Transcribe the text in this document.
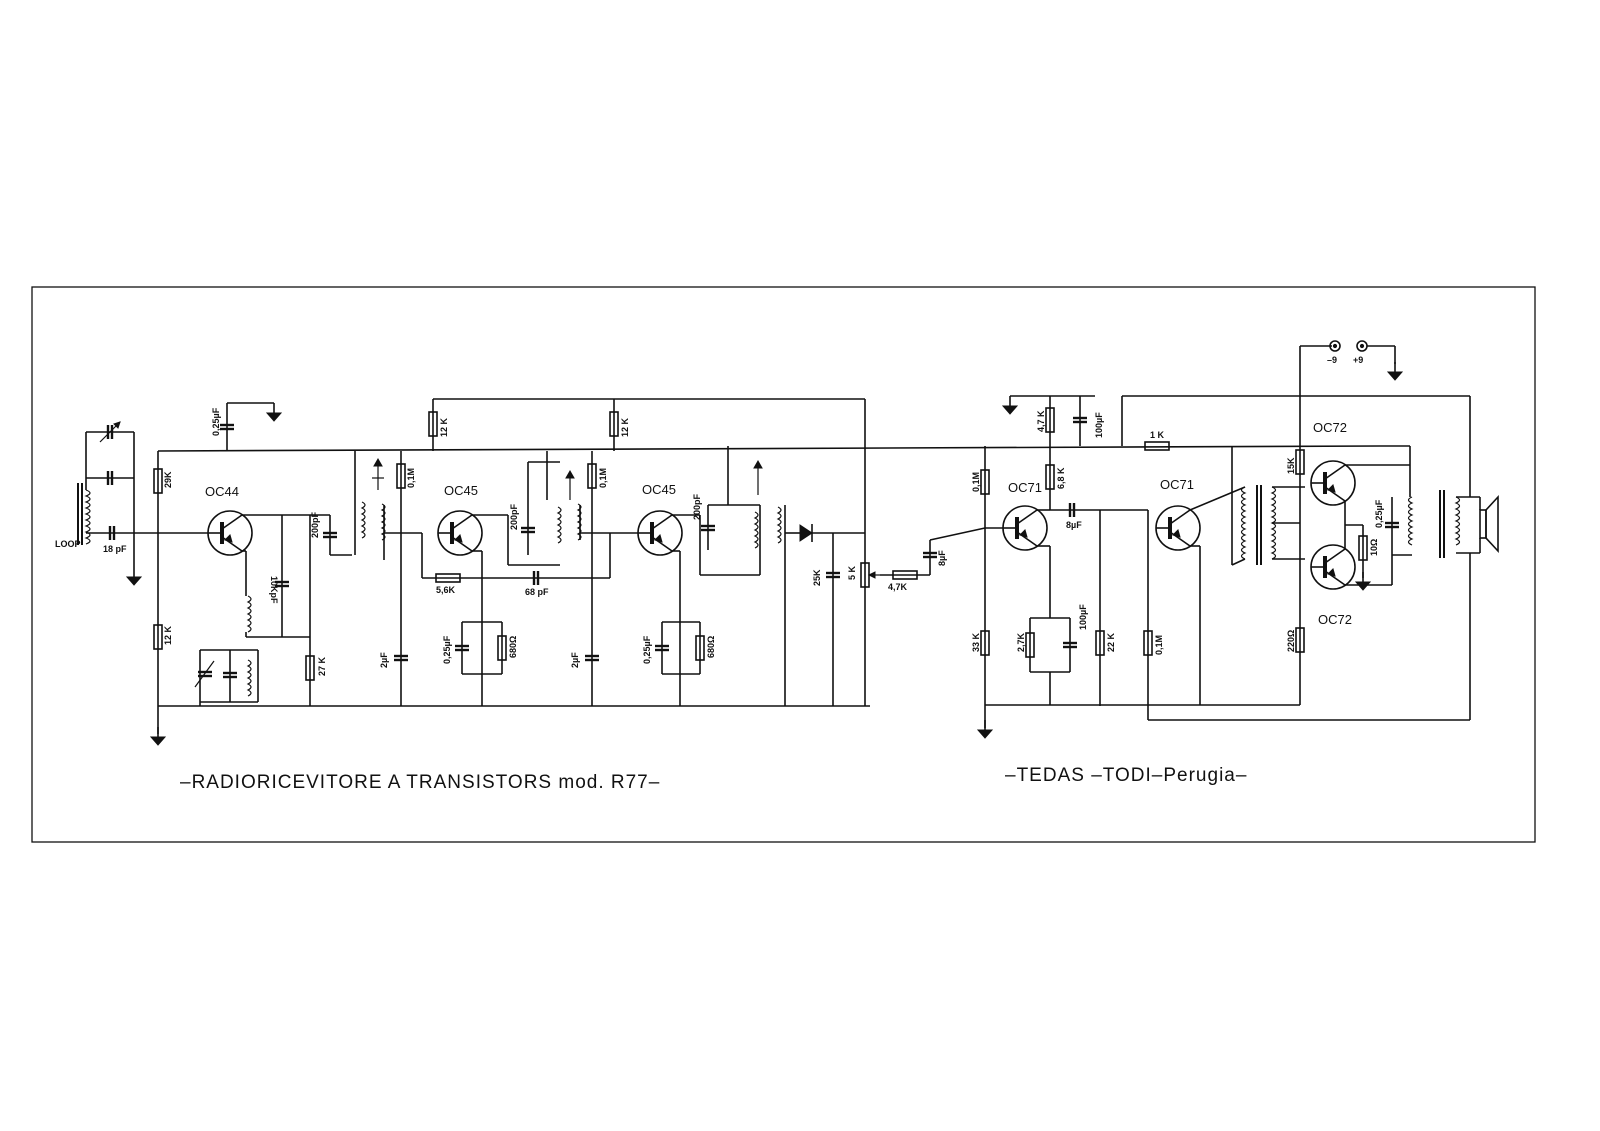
LOOP 18 pF
29K
12 K
OC44
10KpF
27 K
0,25µF
200pF
0,1M
2µF
12 K
OC45
0,25µF	680Ω
5,6K	68 pF
200pF
0,1M
2µF
12 K
OC45
0,25µF	680Ω
200pF
25K	5 K
4,7K
8µF
0,1M
33 K
4,7 K	100µF
6,8 K
OC71
8µF
22 K
2,7K
100µF
OC71
0,1M
1 K
15K
220Ω
OC72
OC72
10Ω
0,25µF
–9 +9
–RADIORICEVITORE A TRANSISTORS mod. R77–	–TEDAS –TODI–Perugia–
